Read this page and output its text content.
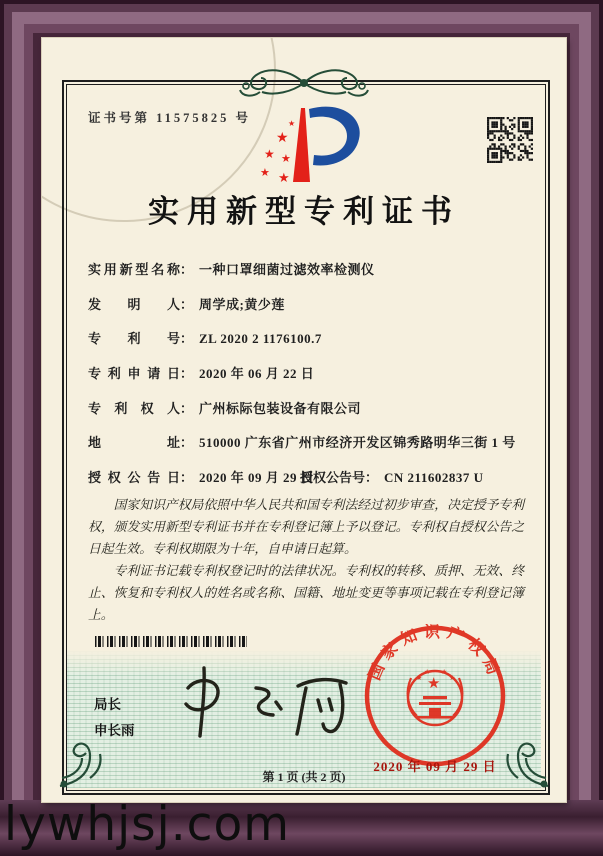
证书号第 11575825 号
★
★ ★
★ ★
★
实用新型专利证书
实用新型名称： 一种口罩细菌过滤效率检测仪
发明人： 周学成;黄少莲
专利号： ZL 2020 2 1176100.7
专利申请日： 2020 年 06 月 22 日
专利权人： 广州标际包装设备有限公司
地址： 510000 广东省广州市经济开发区锦秀路明华三街 1 号
授权公告日： 2020 年 09 月 29 日
授权公告号： CN 211602837 U

国家知识产权局依照中华人民共和国专利法经过初步审查，决定授予专利权，颁发实用新型专利证书并在专利登记簿上予以登记。专利权自授权公告之日起生效。专利权期限为十年，自申请日起算。

专利证书记载专利权登记时的法律状况。专利权的转移、质押、无效、终止、恢复和专利权人的姓名或名称、国籍、地址变更等事项记载在专利登记簿上。

局长
申长雨
国家知识产权局
★
★
★ ★
★
2020 年 09 月 29 日
第 1 页 (共 2 页)
lywhjsj.com
